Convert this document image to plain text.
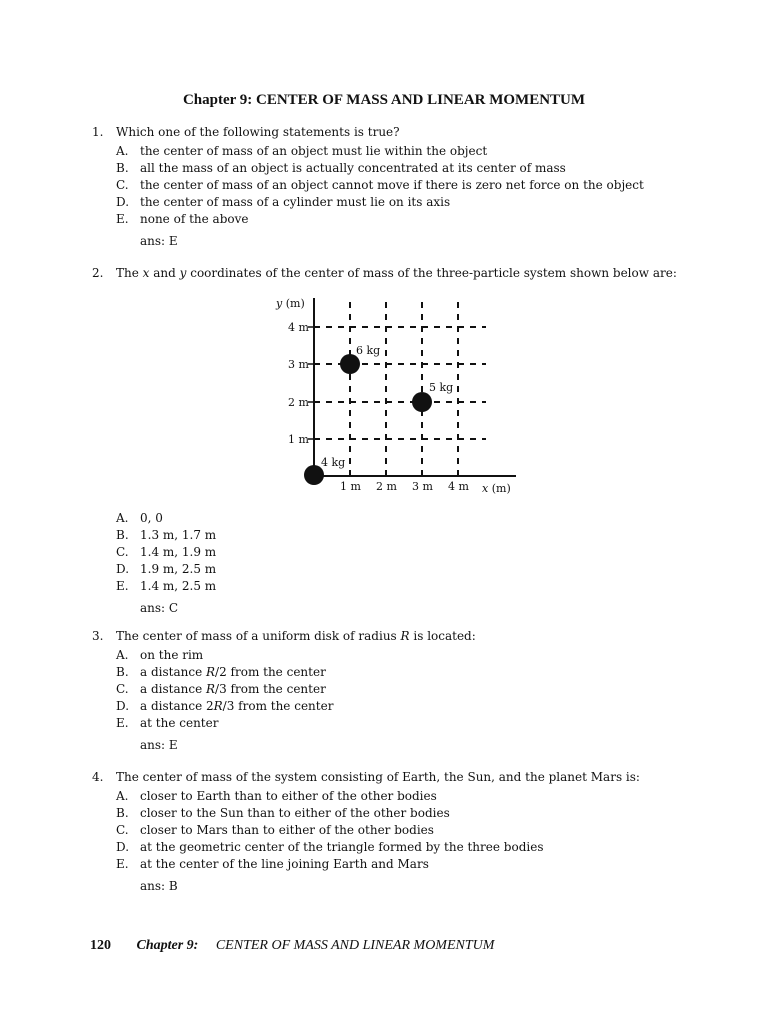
Chapter 9: CENTER OF MASS AND LINEAR MOMENTUM
1.	Which one of the following statements is true?
A. the center of mass of an object must lie within the object
B. all the mass of an object is actually concentrated at its center of mass
C. the center of mass of an object cannot move if there is zero net force on the object
D. the center of mass of a cylinder must lie on its axis
E. none of the above
ans: E
2.	The x and y coordinates of the center of mass of the three-particle system shown below are:
y (m)
x (m)
1 m
2 m
3 m
4 m
1 m 2 m 3 m 4 m
4 kg
6 kg
5 kg
A. 0, 0
B. 1.3 m, 1.7 m
C. 1.4 m, 1.9 m
D. 1.9 m, 2.5 m
E. 1.4 m, 2.5 m
ans: C
3.	The center of mass of a uniform disk of radius R is located:
A. on the rim
B. a distance R/2 from the center
C. a distance R/3 from the center
D. a distance 2R/3 from the center
E. at the center
ans: E
4.	The center of mass of the system consisting of Earth, the Sun, and the planet Mars is:
A. closer to Earth than to either of the other bodies
B. closer to the Sun than to either of the other bodies
C. closer to Mars than to either of the other bodies
D. at the geometric center of the triangle formed by the three bodies
E. at the center of the line joining Earth and Mars
ans: B
120 Chapter 9: CENTER OF MASS AND LINEAR MOMENTUM
